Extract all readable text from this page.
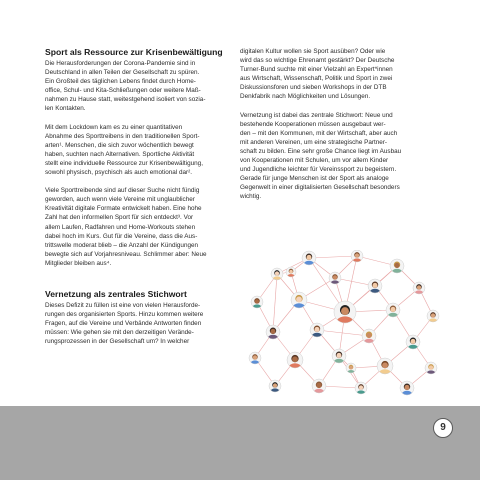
Sport als Ressource zur Krisenbewältigung
Die Herausforderungen der Corona-Pandemie sind in
Deutschland in allen Teilen der Gesellschaft zu spüren.
Ein Großteil des täglichen Lebens findet durch Home-
office, Schul- und Kita-Schließungen oder weitere Maß-
nahmen zu Hause statt, weitestgehend isoliert von sozia-
len Kontakten.
Mit dem Lockdown kam es zu einer quantitativen
Abnahme des Sporttreibens in den traditionellen Sport-
arten¹. Menschen, die sich zuvor wöchentlich bewegt
haben, suchten nach Alternativen. Sportliche Aktivität
stellt eine individuelle Ressource zur Krisenbewältigung,
sowohl physisch, psychisch als auch emotional dar².
Viele Sporttreibende sind auf dieser Suche nicht fündig
geworden, auch wenn viele Vereine mit unglaublicher
Kreativität digitale Formate entwickelt haben. Eine hohe
Zahl hat den informellen Sport für sich entdeckt³. Vor
allem Laufen, Radfahren und Home-Workouts stehen
dabei hoch im Kurs. Gut für die Vereine, dass die Aus-
trittswelle moderat blieb – die Anzahl der Kündigungen
bewegte sich auf Vorjahresniveau. Schlimmer aber: Neue
Mitglieder bleiben aus⁴.
Vernetzung als zentrales Stichwort
Dieses Defizit zu füllen ist eine von vielen Herausforde-
rungen des organisierten Sports. Hinzu kommen weitere
Fragen, auf die Vereine und Verbände Antworten finden
müssen: Wie gehen sie mit den derzeitigen Verände-
rungsprozessen in der Gesellschaft um? In welcher
digitalen Kultur wollen sie Sport ausüben? Oder wie
wird das so wichtige Ehrenamt gestärkt? Der Deutsche
Turner-Bund suchte mit einer Vielzahl an Expert*innen
aus Wirtschaft, Wissenschaft, Politik und Sport in zwei
Diskussionsforen und sieben Workshops in der DTB
Denkfabrik nach Möglichkeiten und Lösungen.
Vernetzung ist dabei das zentrale Stichwort: Neue und
bestehende Kooperationen müssen ausgebaut wer-
den – mit den Kommunen, mit der Wirtschaft, aber auch
mit anderen Vereinen, um eine strategische Partner-
schaft zu bilden. Eine sehr große Chance liegt im Ausbau
von Kooperationen mit Schulen, um vor allem Kinder
und Jugendliche leichter für Vereinssport zu begeistern.
Gerade für junge Menschen ist der Sport als analoge
Gegenwelt in einer digitalisierten Gesellschaft besonders
wichtig.
9
